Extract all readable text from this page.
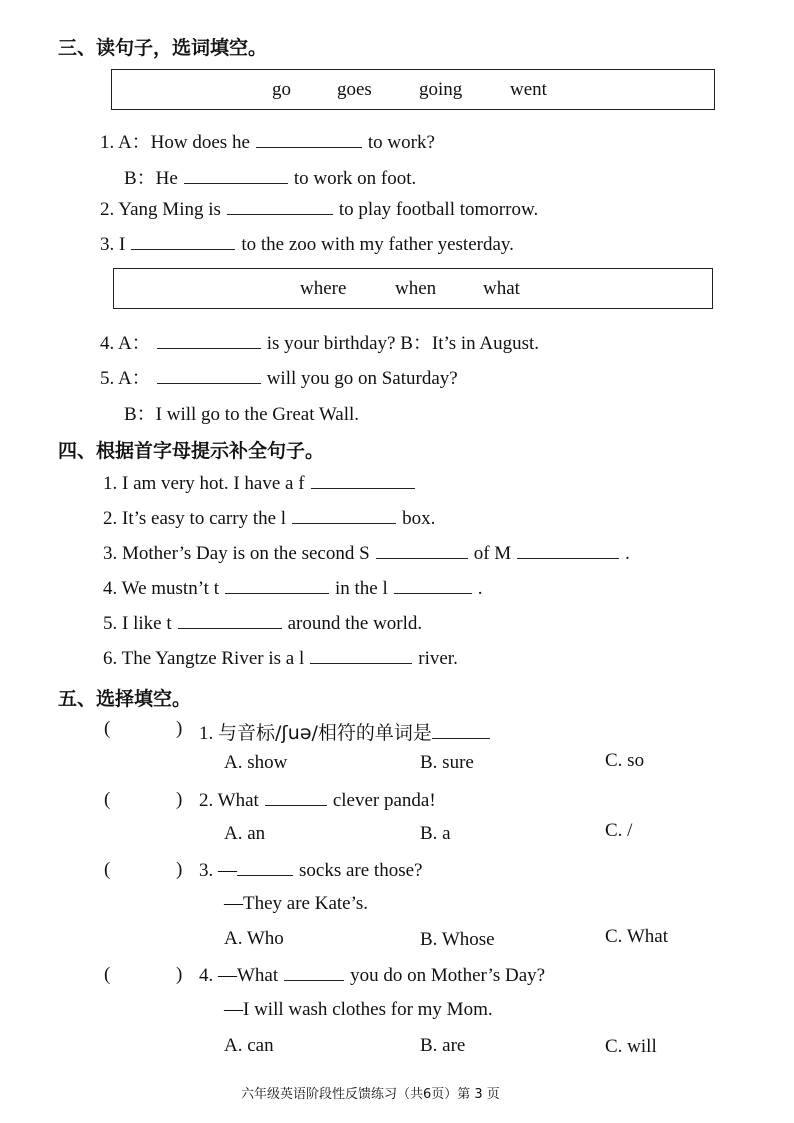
三、读句子，选词填空。
go goes going	went
1. A：How does he	to work?
B：He	to work on foot.
2. Yang Ming is	to play football tomorrow.
3. I	to the zoo with my father yesterday.
where	when what
4. A：	is your birthday? B：It’s in August.
5. A：	will you go on Saturday?
B：I will go to the Great Wall.
四、根据首字母提示补全句子。
1. I am very hot. I have a f
2. It’s easy to carry the l	box.
3. Mother’s Day is on the second S	of M	.
4. We mustn’t t	in the l	.
5. I like t	around the world.
6. The Yangtze River is a l	river.
五、选择填空。
(	) 1. 与音标/ʃuə/相符的单词是
A. show	B. sure	C. so
(	) 2. What	clever panda!
A. an	B. a	C. /
(	) 3. —	socks are those?
—They are Kate’s.
A. Who	B. Whose	C. What
(	) 4. —What	you do on Mother’s Day?
—I will wash clothes for my Mom.
A. can	B. are	C. will
六年级英语阶段性反馈练习（共6页）第 3 页
